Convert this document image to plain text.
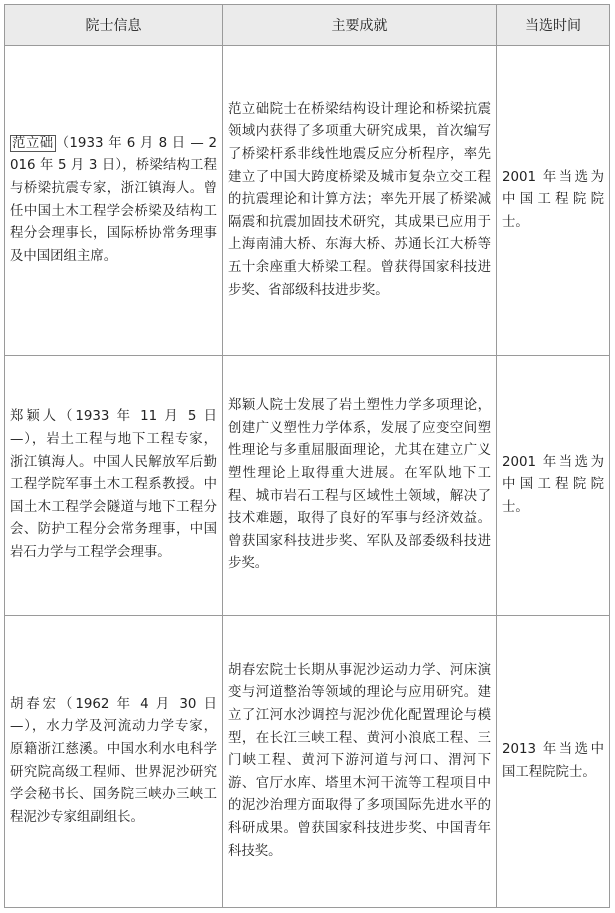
院士信息	主要成就	当选时间
范立础 （1933 年 6 月 8 日 — 2016 年 5 月 3 日），桥梁结构工程与桥梁抗震专家，浙江镇海人。曾任中国土木工程学会桥梁及结构工程分会理事长，国际桥协常务理事及中国团组主席。	范立础院士在桥梁结构设计理论和桥梁抗震领域内获得了多项重大研究成果，首次编写了桥梁杆系非线性地震反应分析程序，率先建立了中国大跨度桥梁及城市复杂立交工程的抗震理论和计算方法；率先开展了桥梁减隔震和抗震加固技术研究，其成果已应用于上海南浦大桥、东海大桥、苏通长江大桥等五十余座重大桥梁工程。曾获得国家科技进步奖、省部级科技进步奖。	2001 年当选为中国工程院院士。
郑颖人（1933 年 11 月 5 日 —），岩土工程与地下工程专家，浙江镇海人。中国人民解放军后勤工程学院军事土木工程系教授。中国土木工程学会隧道与地下工程分会、防护工程分会常务理事，中国岩石力学与工程学会理事。	郑颖人院士发展了岩土塑性力学多项理论，创建广义塑性力学体系，发展了应变空间塑性理论与多重屈服面理论，尤其在建立广义塑性理论上取得重大进展。在军队地下工程、城市岩石工程与区域性土领域，解决了技术难题，取得了良好的军事与经济效益。曾获国家科技进步奖、军队及部委级科技进步奖。	2001 年当选为中国工程院院士。
胡春宏（1962 年 4 月 30 日 —），水力学及河流动力学专家，原籍浙江慈溪。中国水利水电科学研究院高级工程师、世界泥沙研究学会秘书长、国务院三峡办三峡工程泥沙专家组副组长。	胡春宏院士长期从事泥沙运动力学、河床演变与河道整治等领域的理论与应用研究。建立了江河水沙调控与泥沙优化配置理论与模型，在长江三峡工程、黄河小浪底工程、三门峡工程、黄河下游河道与河口、渭河下游、官厅水库、塔里木河干流等工程项目中的泥沙治理方面取得了多项国际先进水平的科研成果。曾获国家科技进步奖、中国青年科技奖。	2013 年当选中国工程院院士。
